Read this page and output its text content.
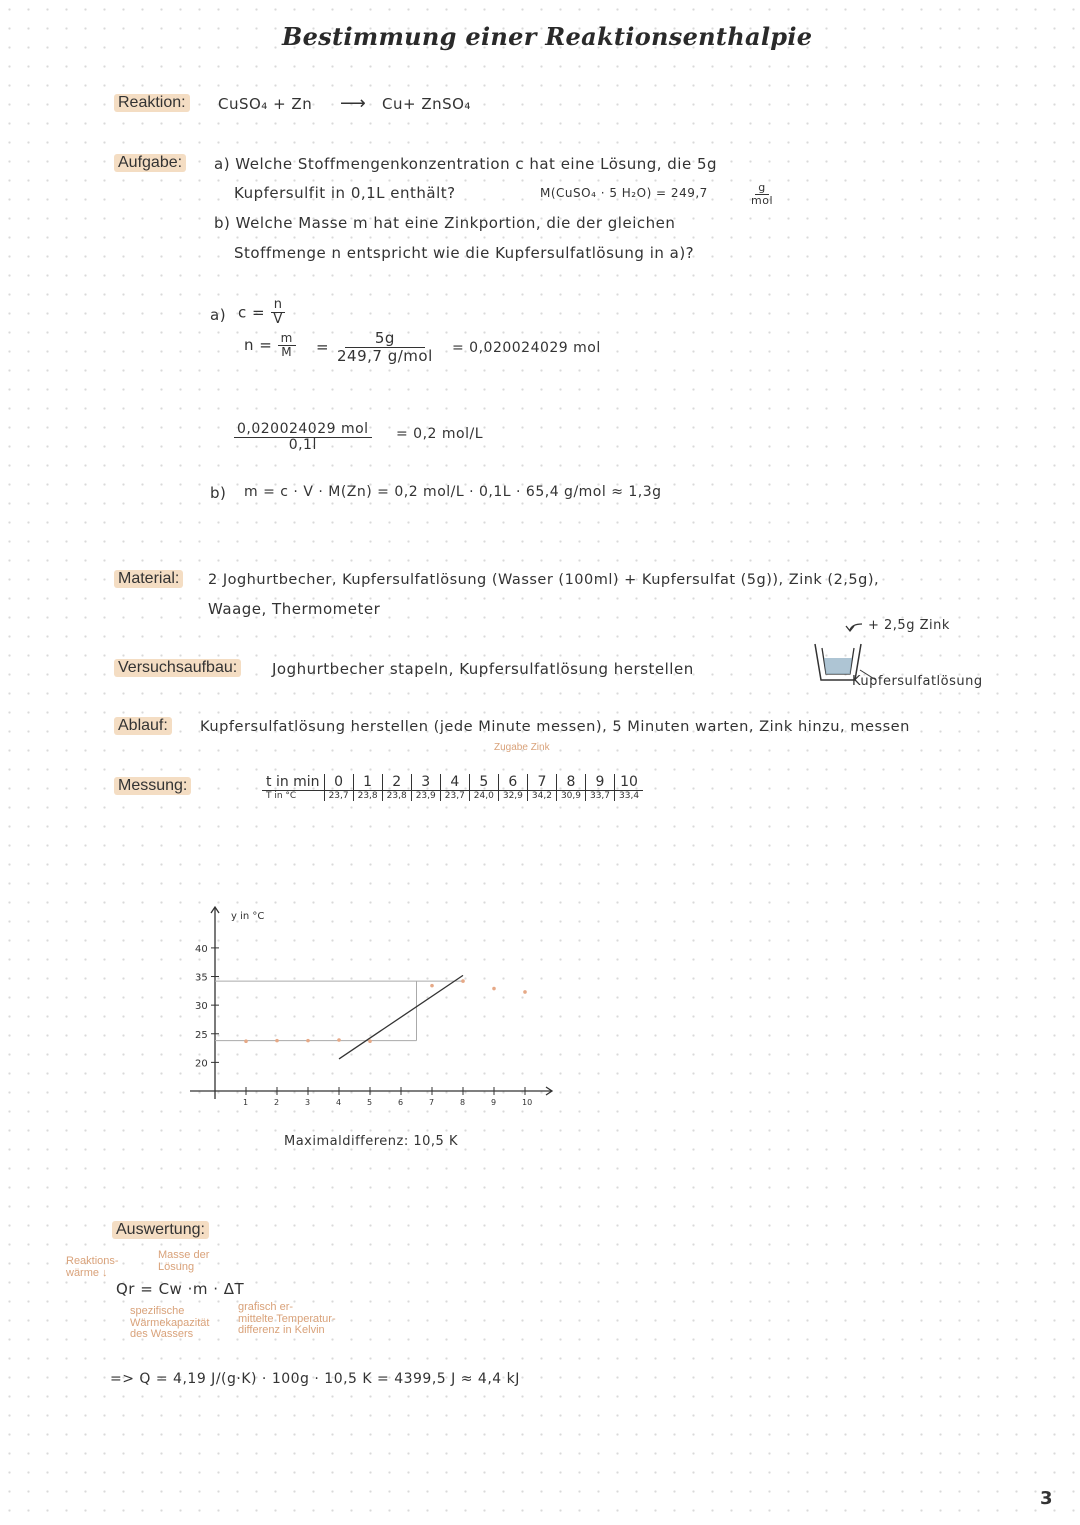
Bestimmung einer Reaktionsenthalpie
Reaktion: CuSO₄ + Zn ⟶ Cu+ ZnSO₄
Aufgabe: a) Welche Stoffmengenkonzentration c hat eine Lösung, die 5g
Kupfersulfit in 0,1L enthält?	M(CuSO₄ · 5 H₂O) = 249,7	$\frac{g}{\text{mol}}$
b) Welche Masse m hat eine Zinkportion, die der gleichen
Stoffmenge n entspricht wie die Kupfersulfatlösung in a)?
a) $c = \frac{n}{V}$
$n = \frac{m}{M} = \frac{5g}{\text{249,7 g/mol}} = 0,020024029$ mol
$\frac{\text{0,020024029 mol}}{0,1l} = 0,2$ mol/L
b) m = c · V · M(Zn) = 0,2 mol/L · 0,1L · 65,4 g/mol ≈ 1,3g
Material: 2 Joghurtbecher, Kupfersulfatlösung (Wasser (100ml) + Kupfersulfat (5g)), Zink (2,5g),
Waage, Thermometer
Versuchsaufbau: Joghurtbecher stapeln, Kupfersulfatlösung herstellen
+ 2,5g Zink
Kupfersulfatlösung
Ablauf: Kupfersulfatlösung herstellen (jede Minute messen), 5 Minuten warten, Zink hinzu, messen
Zugabe Zink
Messung:	t in min	0	1	2	3	4	5	6	7	8	9	10
T in °C	23,7	23,8	23,8	23,9	23,7	24,0	32,9	34,2	30,9	33,7	33,4
y in °C
20
25
30
35
40
1	2	3	4	5	6	7	8	9	10
Maximaldifferenz: 10,5 K
Auswertung:
Reaktions-
wärme ↓
Masse der
Lösung
Qr = Cw ·m · ΔT
spezifische
Wärmekapazität
des Wassers
grafisch er-
mittelte Temperatur-
differenz in Kelvin
=> Q = 4,19 J/(g·K) · 100g · 10,5 K = 4399,5 J ≈ 4,4 kJ
3
